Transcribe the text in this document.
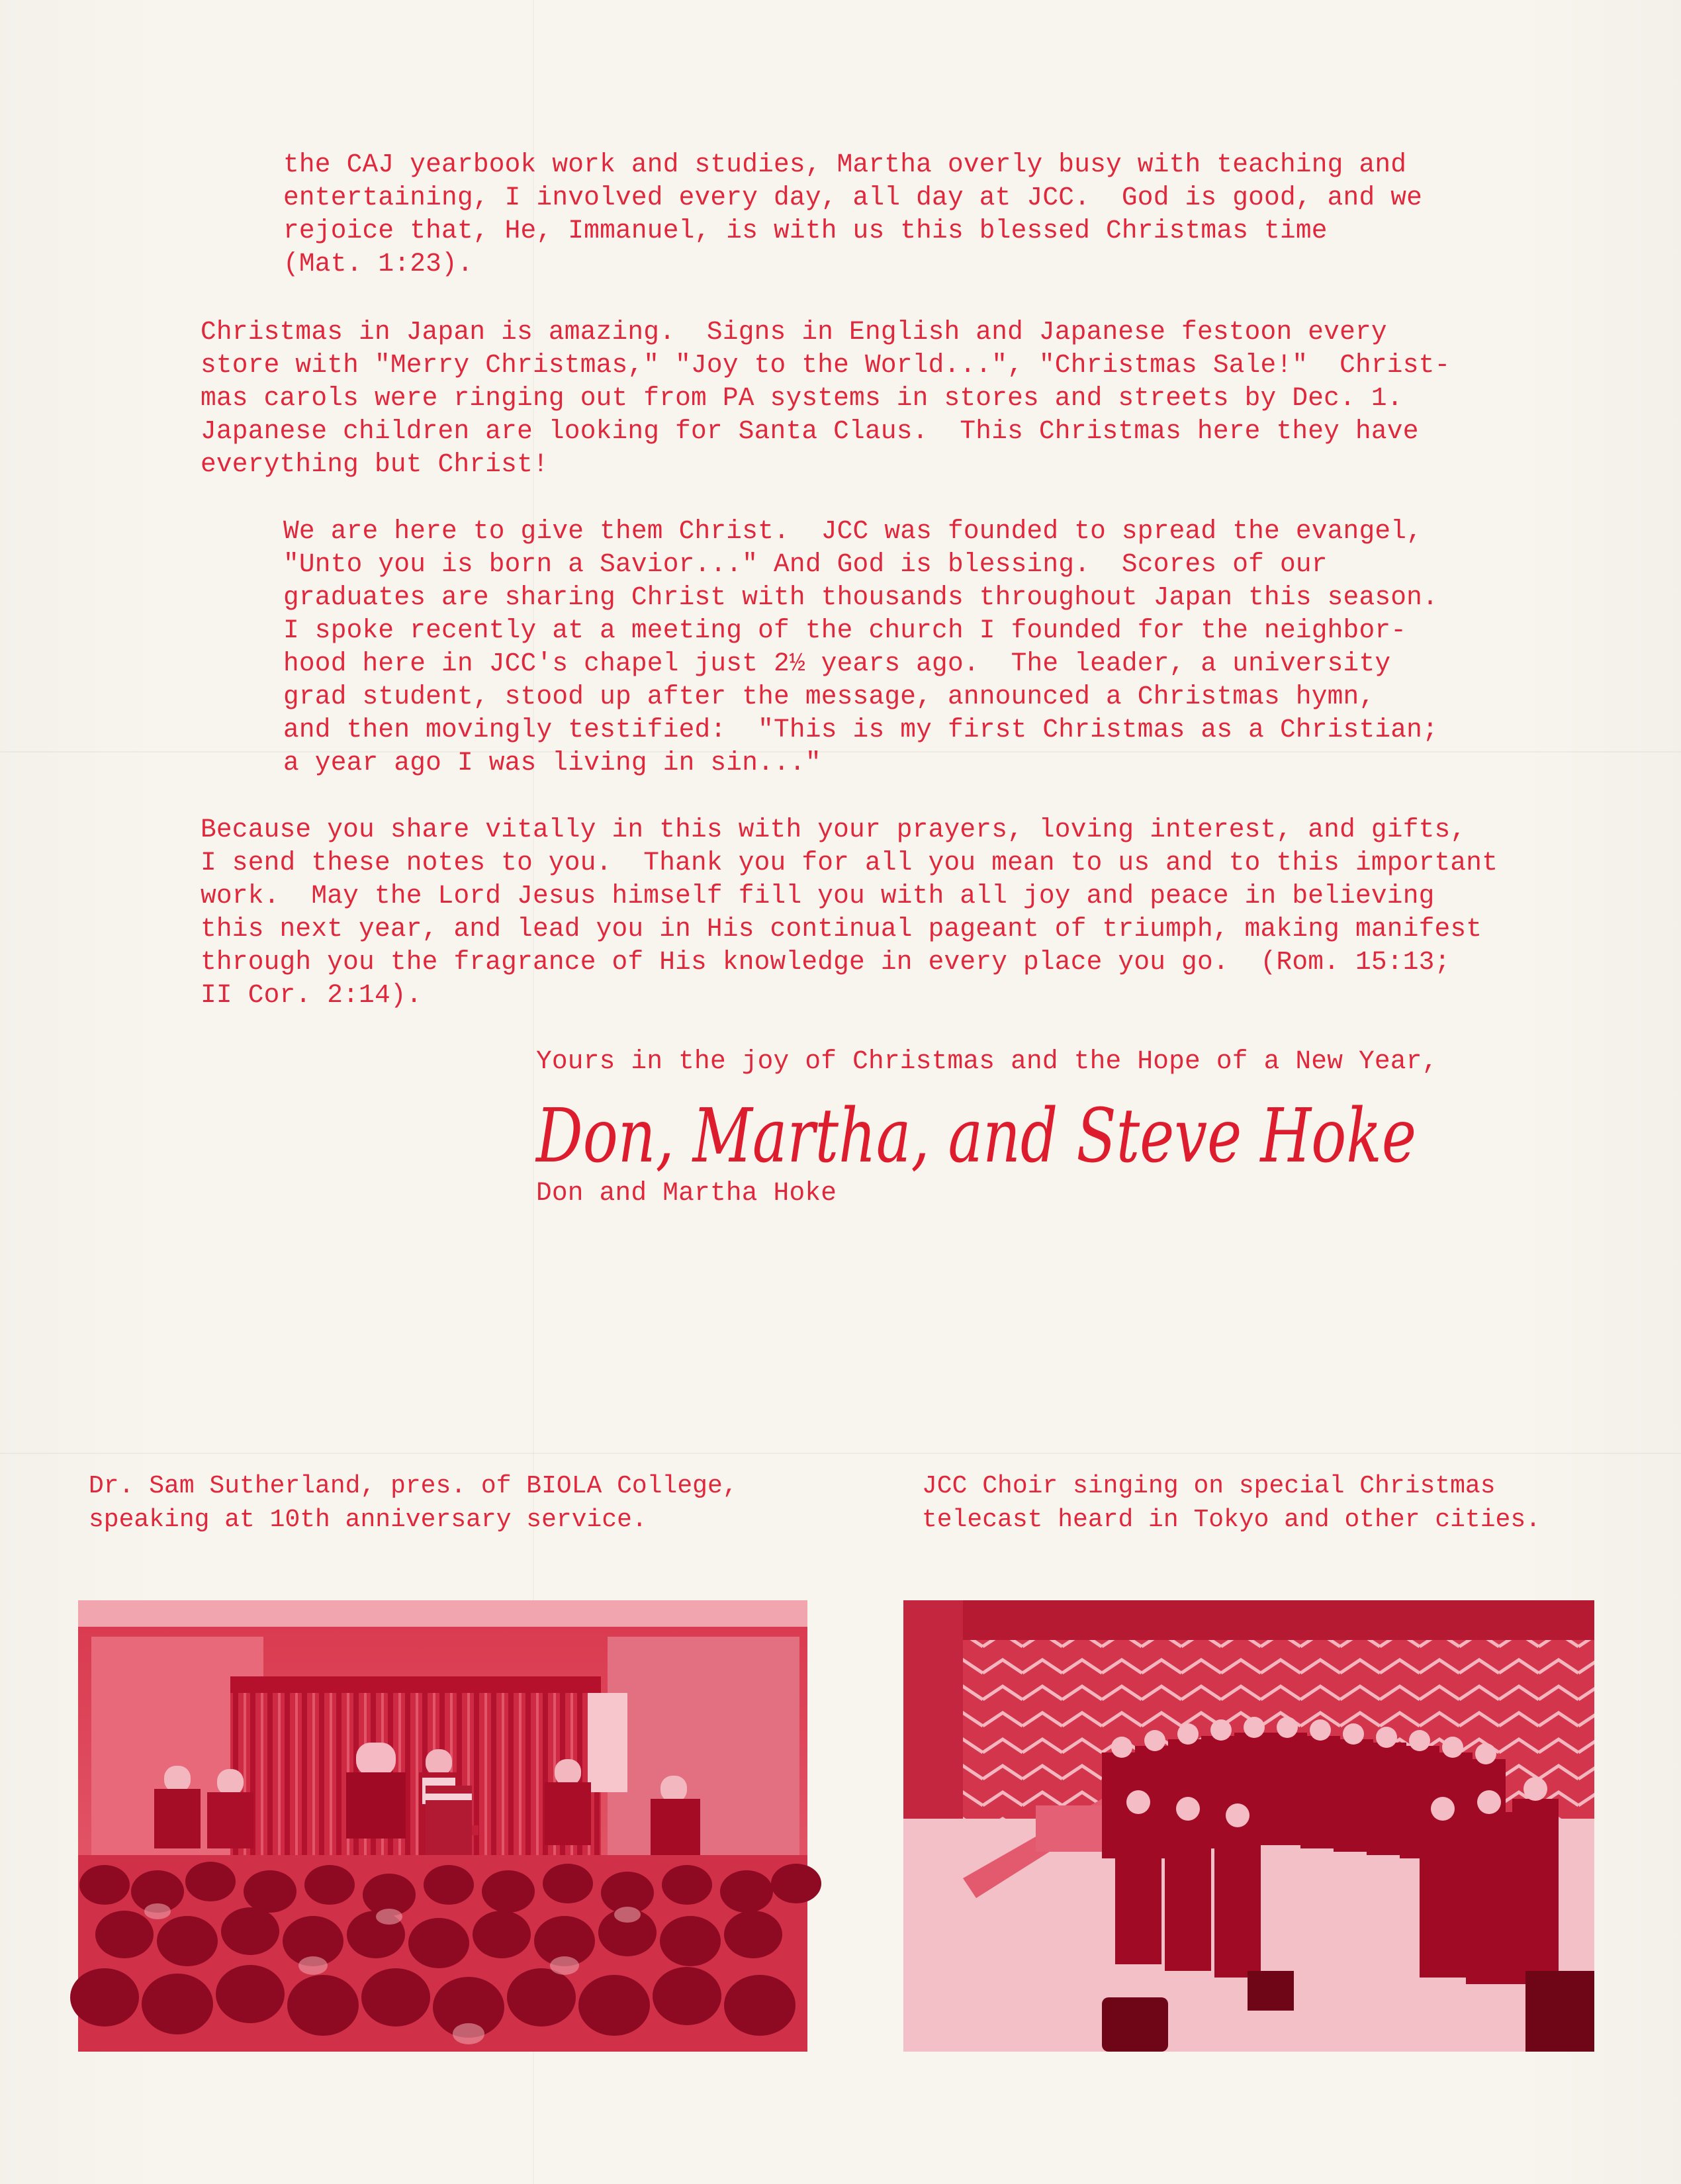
the CAJ yearbook work and studies, Martha overly busy with teaching and
entertaining, I involved every day, all day at JCC.  God is good, and we
rejoice that, He, Immanuel, is with us this blessed Christmas time
(Mat. 1:23).

Christmas in Japan is amazing.  Signs in English and Japanese festoon every
store with "Merry Christmas," "Joy to the World...", "Christmas Sale!"  Christ-
mas carols were ringing out from PA systems in stores and streets by Dec. 1.
Japanese children are looking for Santa Claus.  This Christmas here they have
everything but Christ!

We are here to give them Christ.  JCC was founded to spread the evangel,
"Unto you is born a Savior..." And God is blessing.  Scores of our
graduates are sharing Christ with thousands throughout Japan this season.
I spoke recently at a meeting of the church I founded for the neighbor-
hood here in JCC's chapel just 2½ years ago.  The leader, a university
grad student, stood up after the message, announced a Christmas hymn,
and then movingly testified:  "This is my first Christmas as a Christian;
a year ago I was living in sin..."

Because you share vitally in this with your prayers, loving interest, and gifts,
I send these notes to you.  Thank you for all you mean to us and to this important
work.  May the Lord Jesus himself fill you with all joy and peace in believing
this next year, and lead you in His continual pageant of triumph, making manifest
through you the fragrance of His knowledge in every place you go.  (Rom. 15:13;
II Cor. 2:14).

Yours in the joy of Christmas and the Hope of a New Year,

Don, Martha, and Steve Hoke

Don and Martha Hoke

Dr. Sam Sutherland, pres. of BIOLA College,
speaking at 10th anniversary service.

JCC Choir singing on special Christmas
telecast heard in Tokyo and other cities.
